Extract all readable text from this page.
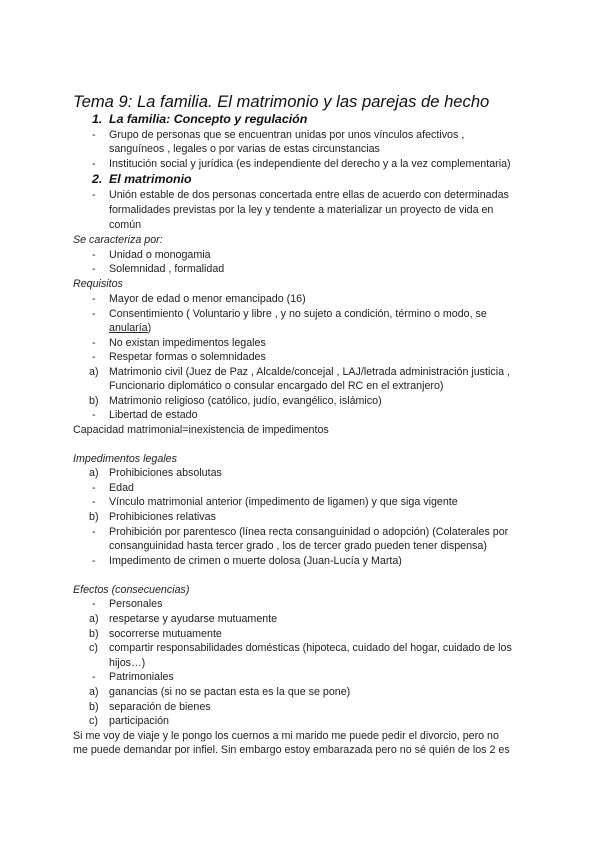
Tema 9: La familia. El matrimonio y las parejas de hecho
1. La familia: Concepto y regulación
- Grupo de personas que se encuentran unidas por unos vínculos afectivos ,
sanguíneos , legales o por varias de estas circunstancias
- Institución social y jurídica (es independiente del derecho y a la vez complementaria)
2. El matrimonio
- Unión estable de dos personas concertada entre ellas de acuerdo con determinadas
formalidades previstas por la ley y tendente a materializar un proyecto de vida en
común
Se caracteriza por:
- Unidad o monogamia
- Solemnidad , formalidad
Requisitos
- Mayor de edad o menor emancipado (16)
- Consentimiento ( Voluntario y libre , y no sujeto a condición, término o modo, se
anularía)
- No existan impedimentos legales
- Respetar formas o solemnidades
a) Matrimonio civil (Juez de Paz , Alcalde/concejal , LAJ/letrada administración justicia ,
Funcionario diplomático o consular encargado del RC en el extranjero)
b) Matrimonio religioso (católico, judío, evangélico, islámico)
- Libertad de estado
Capacidad matrimonial=inexistencia de impedimentos
Impedimentos legales
a) Prohibiciones absolutas
- Edad
- Vínculo matrimonial anterior (impedimento de ligamen) y que siga vigente
b) Prohibiciones relativas
- Prohibición por parentesco (línea recta consanguinidad o adopción) (Colaterales por
consanguinidad hasta tercer grado , los de tercer grado pueden tener dispensa)
- Impedimento de crimen o muerte dolosa (Juan-Lucía y Marta)
Efectos (consecuencias)
- Personales
a) respetarse y ayudarse mutuamente
b) socorrerse mutuamente
c) compartir responsabilidades domésticas (hipoteca, cuidado del hogar, cuidado de los
hijos…)
- Patrimoniales
a) ganancias (si no se pactan esta es la que se pone)
b) separación de bienes
c) participación
Si me voy de viaje y le pongo los cuernos a mi marido me puede pedir el divorcio, pero no
me puede demandar por infiel. Sin embargo estoy embarazada pero no sé quién de los 2 es
